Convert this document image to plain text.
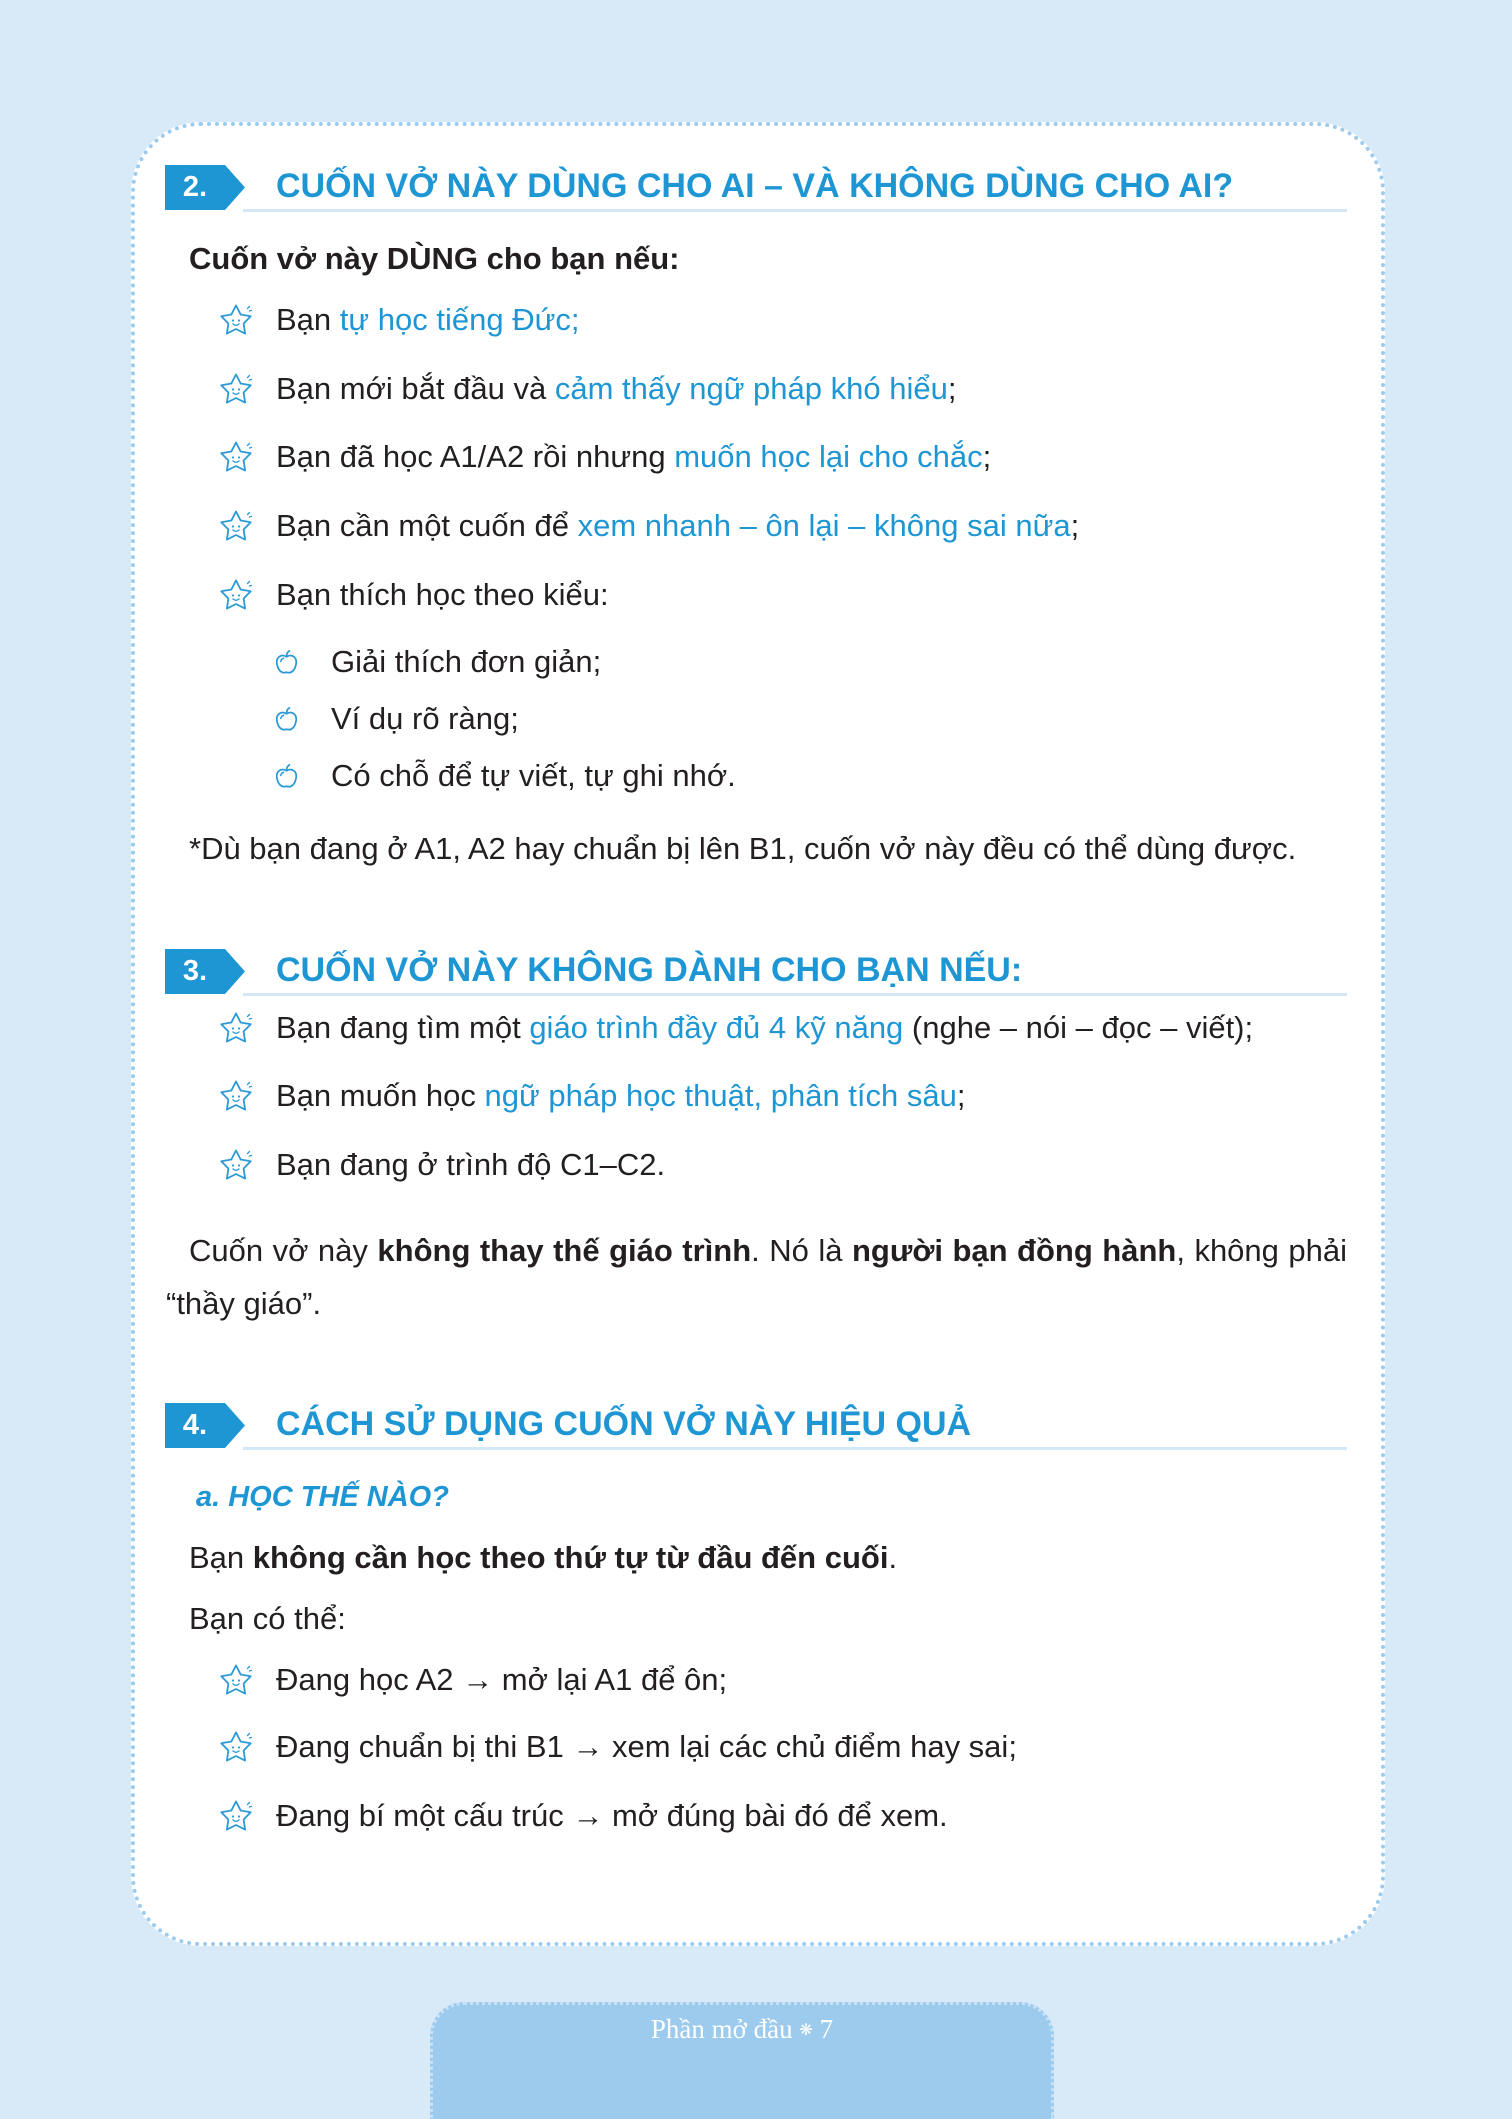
2.	CUỐN VỞ NÀY DÙNG CHO AI – VÀ KHÔNG DÙNG CHO AI?
Cuốn vở này DÙNG cho bạn nếu:
Bạn tự học tiếng Đức;
Bạn mới bắt đầu và cảm thấy ngữ pháp khó hiểu;
Bạn đã học A1/A2 rồi nhưng muốn học lại cho chắc;
Bạn cần một cuốn để xem nhanh – ôn lại – không sai nữa;
Bạn thích học theo kiểu:
Giải thích đơn giản;
Ví dụ rõ ràng;
Có chỗ để tự viết, tự ghi nhớ.
*Dù bạn đang ở A1, A2 hay chuẩn bị lên B1, cuốn vở này đều có thể dùng được.
3.	CUỐN VỞ NÀY KHÔNG DÀNH CHO BẠN NẾU:
Bạn đang tìm một giáo trình đầy đủ 4 kỹ năng (nghe – nói – đọc – viết);
Bạn muốn học ngữ pháp học thuật, phân tích sâu;
Bạn đang ở trình độ C1–C2.

Cuốn vở này không thay thế giáo trình. Nó là người bạn đồng hành, không phải “thầy giáo”.

4.	CÁCH SỬ DỤNG CUỐN VỞ NÀY HIỆU QUẢ
a. HỌC THẾ NÀO?
Bạn không cần học theo thứ tự từ đầu đến cuối.
Bạn có thể:
Đang học A2 → mở lại A1 để ôn;
Đang chuẩn bị thi B1 → xem lại các chủ điểm hay sai;
Đang bí một cấu trúc → mở đúng bài đó để xem.
Phần mở đầu ❋ 7
